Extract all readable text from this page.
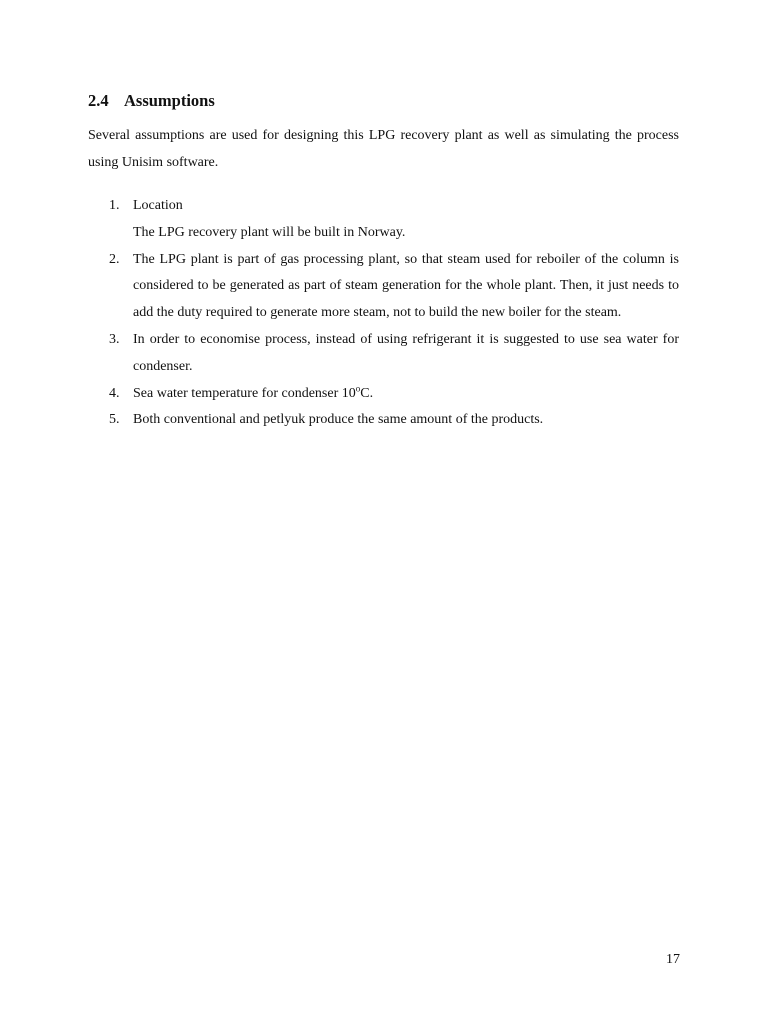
2.4 Assumptions

Several assumptions are used for designing this LPG recovery plant as well as simulating the process using Unisim software.

1. Location
The LPG recovery plant will be built in Norway.
2. The LPG plant is part of gas processing plant, so that steam used for reboiler of the column is considered to be generated as part of steam generation for the whole plant. Then, it just needs to add the duty required to generate more steam, not to build the new boiler for the steam.
3. In order to economise process, instead of using refrigerant it is suggested to use sea water for condenser.
4. Sea water temperature for condenser 10$^o$C.
5. Both conventional and petlyuk produce the same amount of the products.
17
